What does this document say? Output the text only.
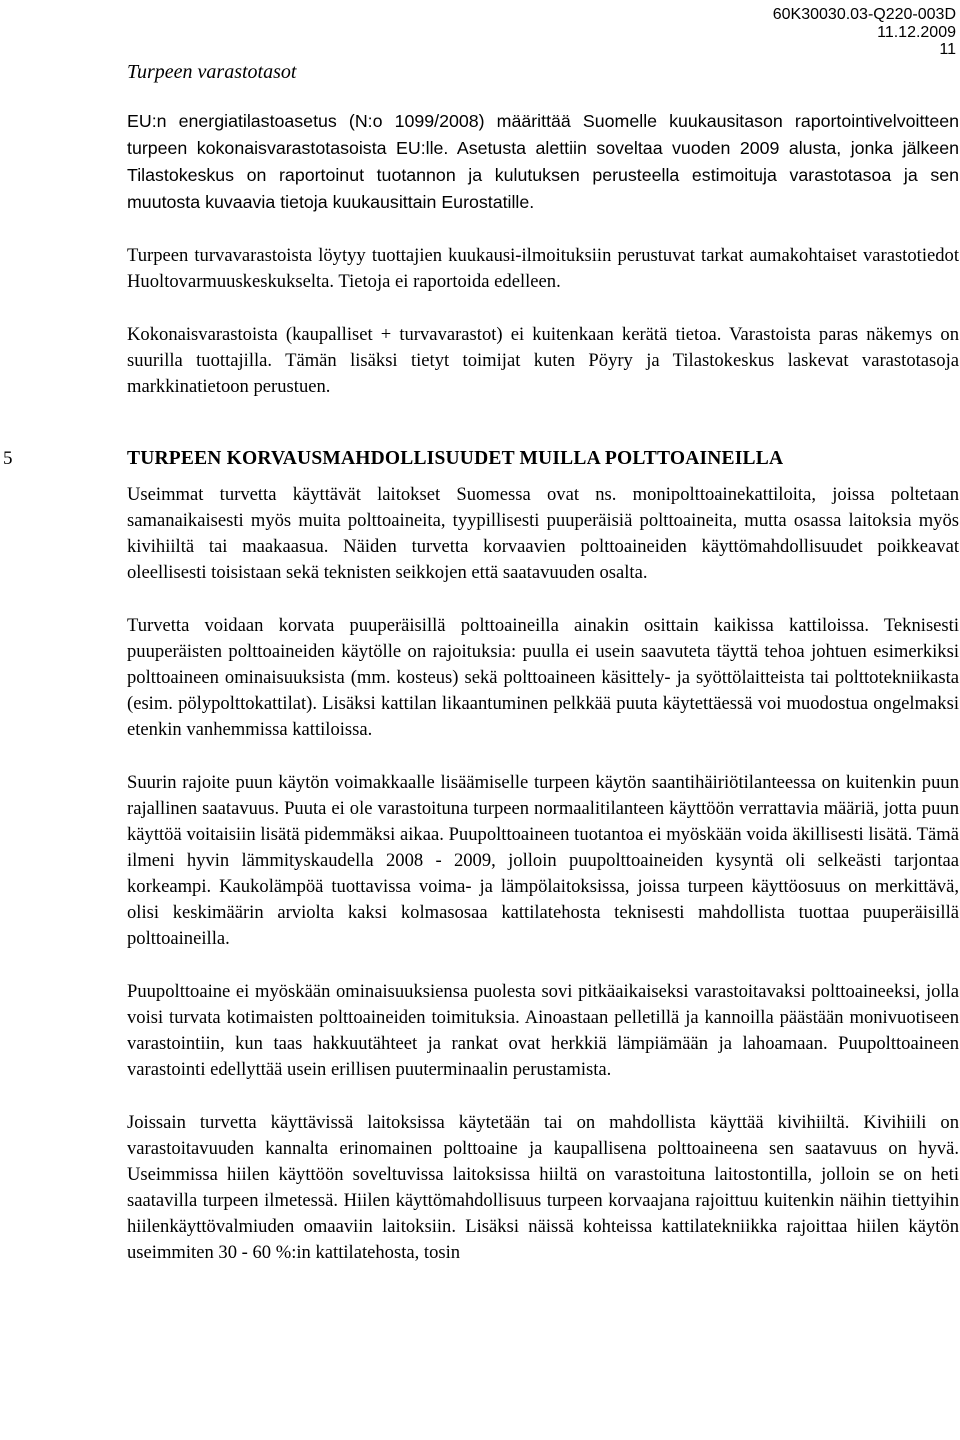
60K30030.03-Q220-003D
11.12.2009
11
Turpeen varastotasot

EU:n energiatilastoasetus (N:o 1099/2008) määrittää Suomelle kuukausitason raportointivelvoitteen turpeen kokonaisvarastotasoista EU:lle. Asetusta alettiin soveltaa vuoden 2009 alusta, jonka jälkeen Tilastokeskus on raportoinut tuotannon ja kulutuksen perusteella estimoituja varastotasoa ja sen muutosta kuvaavia tietoja kuukausittain Eurostatille.

Turpeen turvavarastoista löytyy tuottajien kuukausi-ilmoituksiin perustuvat tarkat aumakohtaiset varastotiedot Huoltovarmuuskeskukselta. Tietoja ei raportoida edelleen.

Kokonaisvarastoista (kaupalliset + turvavarastot) ei kuitenkaan kerätä tietoa. Varastoista paras näkemys on suurilla tuottajilla. Tämän lisäksi tietyt toimijat kuten Pöyry ja Tilastokeskus laskevat varastotasoja markkinatietoon perustuen.

5	TURPEEN KORVAUSMAHDOLLISUUDET MUILLA POLTTOAINEILLA

Useimmat turvetta käyttävät laitokset Suomessa ovat ns. monipolttoainekattiloita, joissa poltetaan samanaikaisesti myös muita polttoaineita, tyypillisesti puuperäisiä polttoaineita, mutta osassa laitoksia myös kivihiiltä tai maakaasua. Näiden turvetta korvaavien polttoaineiden käyttömahdollisuudet poikkeavat oleellisesti toisistaan sekä teknisten seikkojen että saatavuuden osalta.

Turvetta voidaan korvata puuperäisillä polttoaineilla ainakin osittain kaikissa kattiloissa. Teknisesti puuperäisten polttoaineiden käytölle on rajoituksia: puulla ei usein saavuteta täyttä tehoa johtuen esimerkiksi polttoaineen ominaisuuksista (mm. kosteus) sekä polttoaineen käsittely- ja syöttölaitteista tai polttotekniikasta (esim. pölypolttokattilat). Lisäksi kattilan likaantuminen pelkkää puuta käytettäessä voi muodostua ongelmaksi etenkin vanhemmissa kattiloissa.

Suurin rajoite puun käytön voimakkaalle lisäämiselle turpeen käytön saantihäiriötilanteessa on kuitenkin puun rajallinen saatavuus. Puuta ei ole varastoituna turpeen normaalitilanteen käyttöön verrattavia määriä, jotta puun käyttöä voitaisiin lisätä pidemmäksi aikaa. Puupolttoaineen tuotantoa ei myöskään voida äkillisesti lisätä. Tämä ilmeni hyvin lämmityskaudella 2008 - 2009, jolloin puupolttoaineiden kysyntä oli selkeästi tarjontaa korkeampi. Kaukolämpöä tuottavissa voima- ja lämpölaitoksissa, joissa turpeen käyttöosuus on merkittävä, olisi keskimäärin arviolta kaksi kolmasosaa kattilatehosta teknisesti mahdollista tuottaa puuperäisillä polttoaineilla.

Puupolttoaine ei myöskään ominaisuuksiensa puolesta sovi pitkäaikaiseksi varastoitavaksi polttoaineeksi, jolla voisi turvata kotimaisten polttoaineiden toimituksia. Ainoastaan pelletillä ja kannoilla päästään monivuotiseen varastointiin, kun taas hakkuutähteet ja rankat ovat herkkiä lämpiämään ja lahoamaan. Puupolttoaineen varastointi edellyttää usein erillisen puuterminaalin perustamista.

Joissain turvetta käyttävissä laitoksissa käytetään tai on mahdollista käyttää kivihiiltä. Kivihiili on varastoitavuuden kannalta erinomainen polttoaine ja kaupallisena polttoaineena sen saatavuus on hyvä. Useimmissa hiilen käyttöön soveltuvissa laitoksissa hiiltä on varastoituna laitostontilla, jolloin se on heti saatavilla turpeen ilmetessä. Hiilen käyttömahdollisuus turpeen korvaajana rajoittuu kuitenkin näihin tiettyihin hiilenkäyttövalmiuden omaaviin laitoksiin. Lisäksi näissä kohteissa kattilatekniikka rajoittaa hiilen käytön useimmiten 30 - 60 %:in kattilatehosta, tosin
